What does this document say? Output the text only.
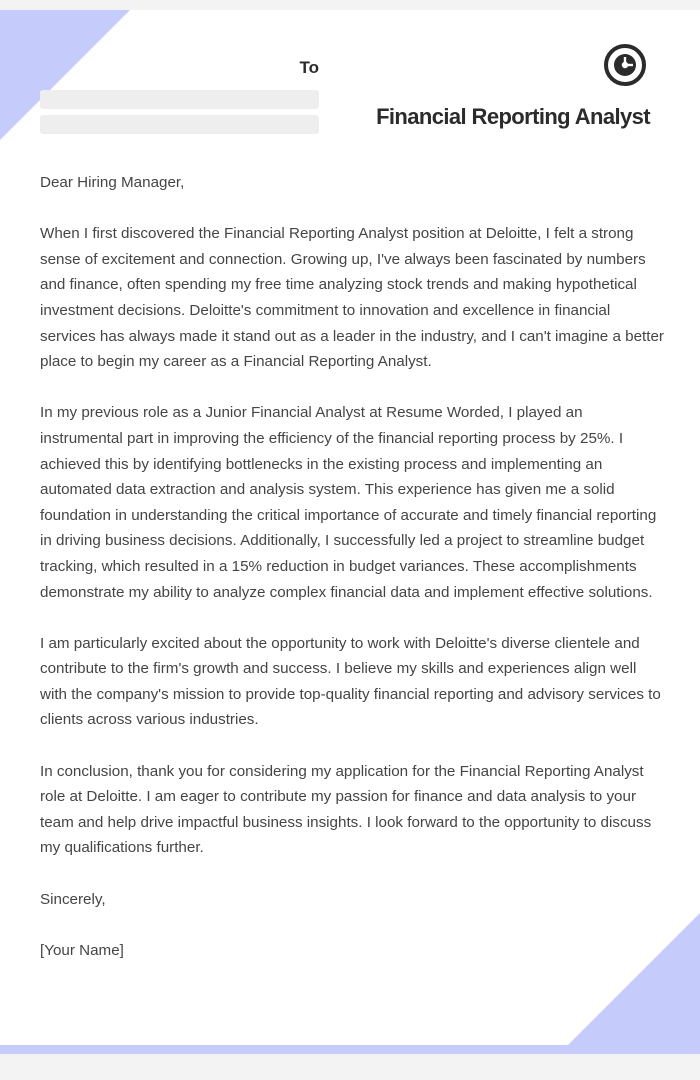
To
Financial Reporting Analyst

Dear Hiring Manager,

When I first discovered the Financial Reporting Analyst position at Deloitte, I felt a strong sense of excitement and connection. Growing up, I've always been fascinated by numbers and finance, often spending my free time analyzing stock trends and making hypothetical investment decisions. Deloitte's commitment to innovation and excellence in financial services has always made it stand out as a leader in the industry, and I can't imagine a better place to begin my career as a Financial Reporting Analyst.

In my previous role as a Junior Financial Analyst at Resume Worded, I played an instrumental part in improving the efficiency of the financial reporting process by 25%. I achieved this by identifying bottlenecks in the existing process and implementing an automated data extraction and analysis system. This experience has given me a solid foundation in understanding the critical importance of accurate and timely financial reporting in driving business decisions. Additionally, I successfully led a project to streamline budget tracking, which resulted in a 15% reduction in budget variances. These accomplishments demonstrate my ability to analyze complex financial data and implement effective solutions.

I am particularly excited about the opportunity to work with Deloitte's diverse clientele and contribute to the firm's growth and success. I believe my skills and experiences align well with the company's mission to provide top-quality financial reporting and advisory services to clients across various industries.

In conclusion, thank you for considering my application for the Financial Reporting Analyst role at Deloitte. I am eager to contribute my passion for finance and data analysis to your team and help drive impactful business insights. I look forward to the opportunity to discuss my qualifications further.

Sincerely,

[Your Name]
